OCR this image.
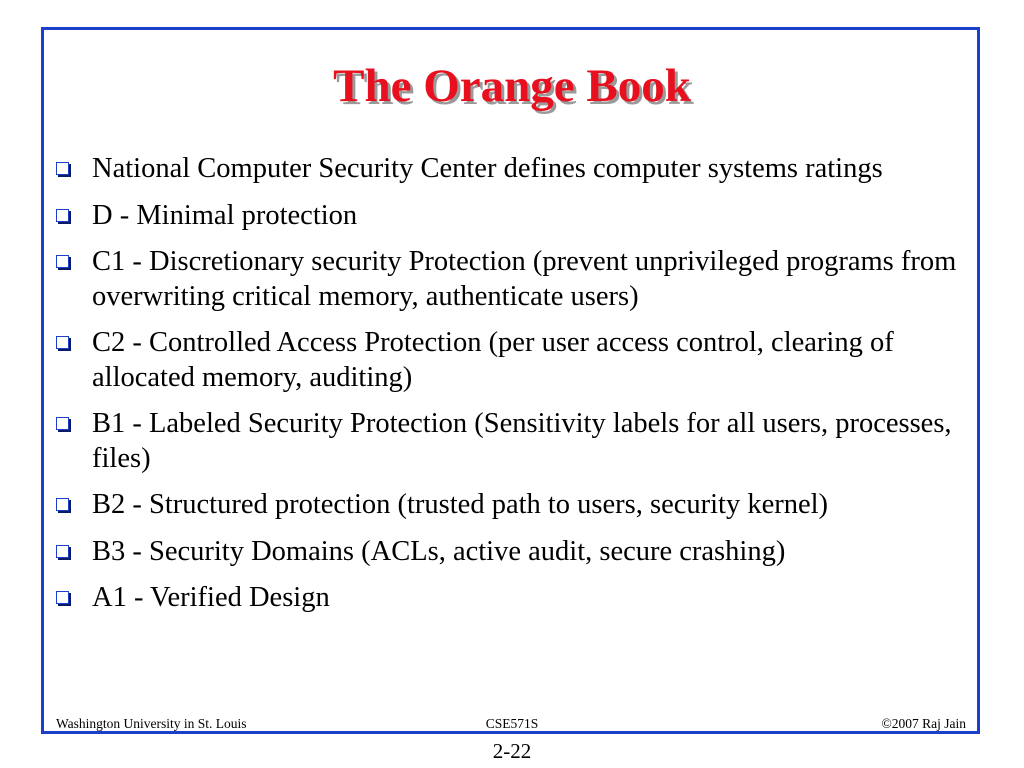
The Orange Book
National Computer Security Center defines computer systems ratings
D - Minimal protection
C1 - Discretionary security Protection (prevent unprivileged programs from overwriting critical memory, authenticate users)
C2 - Controlled Access Protection (per user access control, clearing of allocated memory, auditing)
B1 - Labeled Security Protection (Sensitivity labels for all users, processes, files)
B2 - Structured protection (trusted path to users, security kernel)
B3 - Security Domains (ACLs, active audit, secure crashing)
A1 - Verified Design
Washington University in St. Louis	CSE571S	©2007 Raj Jain
2-22
